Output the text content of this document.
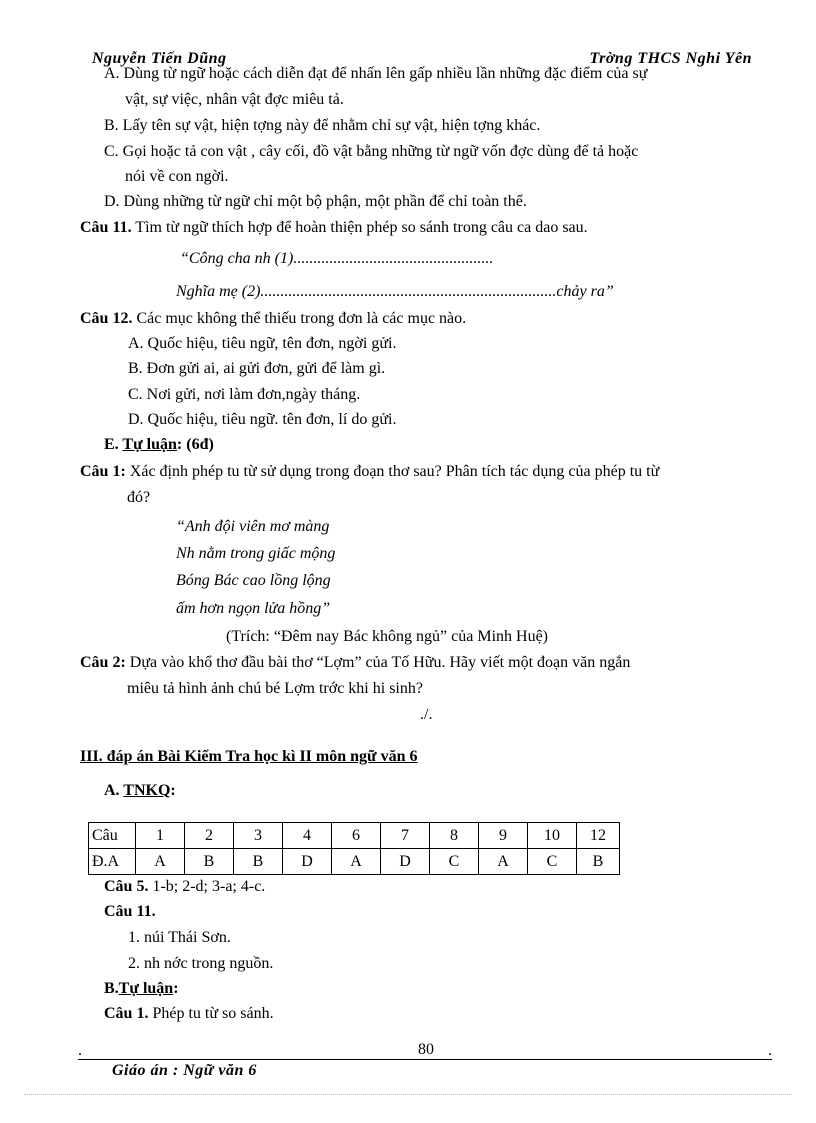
Nguyễn Tiến Dũng	Trờng THCS Nghi Yên
A. Dùng từ ngữ hoặc cách diễn đạt để nhấn lên gấp nhiều lần những đặc điểm của sự
vật, sự việc, nhân vật đợc miêu tả.
B. Lấy tên sự vật, hiện tợng này để nhằm chỉ sự vật, hiện tợng khác.
C. Gọi hoặc tả con vật , cây cối, đồ vật bằng những từ ngữ vốn đợc dùng để tả hoặc
nói về con ngời.
D. Dùng những từ ngữ chỉ một bộ phận, một phần để chỉ toàn thể.
Câu 11. Tìm từ ngữ thích hợp để hoàn thiện phép so sánh trong câu ca dao sau.
“Công cha nh (1)..................................................
Nghĩa mẹ (2)..........................................................................chảy ra”
Câu 12. Các mục không thể thiếu trong đơn là các mục nào.
A. Quốc hiệu, tiêu ngữ, tên đơn, ngời gửi.
B. Đơn gửi ai, ai gửi đơn, gửi để làm gì.
C. Nơi gửi, nơi làm đơn,ngày tháng.
D. Quốc hiệu, tiêu ngữ. tên đơn, lí do gửi.
E. Tự luận: (6đ)
Câu 1: Xác định phép tu từ sử dụng trong đoạn thơ sau? Phân tích tác dụng của phép tu từ
đó?
“Anh đội viên mơ màng
Nh nằm trong giấc mộng
Bóng Bác cao lồng lộng
ấm hơn ngọn lửa hồng”
(Trích: “Đêm nay Bác không ngủ” của Minh Huệ)
Câu 2: Dựa vào khổ thơ đầu bài thơ “Lợm” của Tố Hữu. Hãy viết một đoạn văn ngắn
miêu tả hình ảnh chú bé Lợm trớc khi hi sinh?
./.
III. đáp án Bài Kiểm Tra học kì II môn ngữ văn 6
A. TNKQ:
Câu	1	2	3	4	6	7	8	9	10	12
Đ.A	A	B	B	D	A	D	C	A	C	B
Câu 5. 1-b; 2-d; 3-a; 4-c.
Câu 11.
1. núi Thái Sơn.
2. nh nớc trong nguồn.
B.Tự luận:
Câu 1. Phép tu từ so sánh.
.	80	.
Giáo án : Ngữ văn 6
